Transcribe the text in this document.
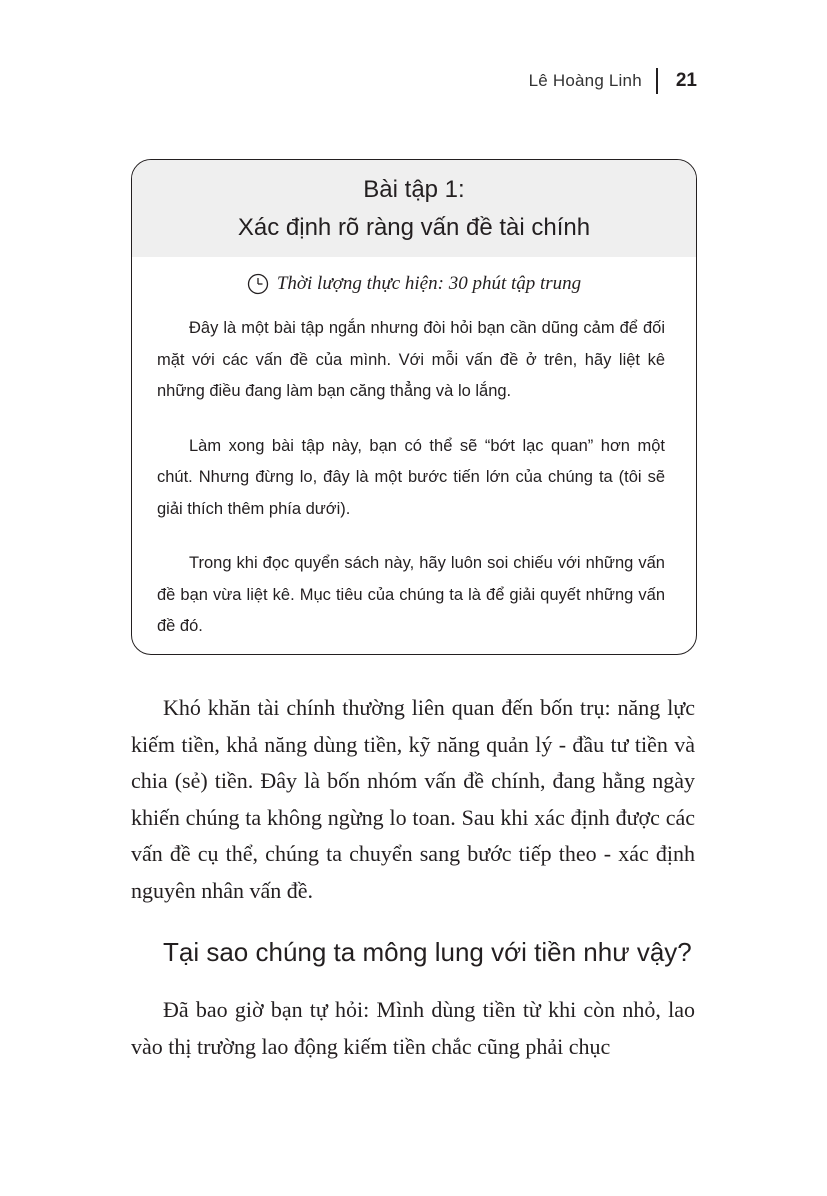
Lê Hoàng Linh 21
Bài tập 1:
Xác định rõ ràng vấn đề tài chính
Thời lượng thực hiện: 30 phút tập trung

Đây là một bài tập ngắn nhưng đòi hỏi bạn cần dũng cảm để đối mặt với các vấn đề của mình. Với mỗi vấn đề ở trên, hãy liệt kê những điều đang làm bạn căng thẳng và lo lắng.

Làm xong bài tập này, bạn có thể sẽ “bớt lạc quan” hơn một chút. Nhưng đừng lo, đây là một bước tiến lớn của chúng ta (tôi sẽ giải thích thêm phía dưới).

Trong khi đọc quyển sách này, hãy luôn soi chiếu với những vấn đề bạn vừa liệt kê. Mục tiêu của chúng ta là để giải quyết những vấn đề đó.

Khó khăn tài chính thường liên quan đến bốn trụ: năng lực kiếm tiền, khả năng dùng tiền, kỹ năng quản lý - đầu tư tiền và chia (sẻ) tiền. Đây là bốn nhóm vấn đề chính, đang hằng ngày khiến chúng ta không ngừng lo toan. Sau khi xác định được các vấn đề cụ thể, chúng ta chuyển sang bước tiếp theo - xác định nguyên nhân vấn đề.

Tại sao chúng ta mông lung với tiền như vậy?

Đã bao giờ bạn tự hỏi: Mình dùng tiền từ khi còn nhỏ, lao vào thị trường lao động kiếm tiền chắc cũng phải chục
